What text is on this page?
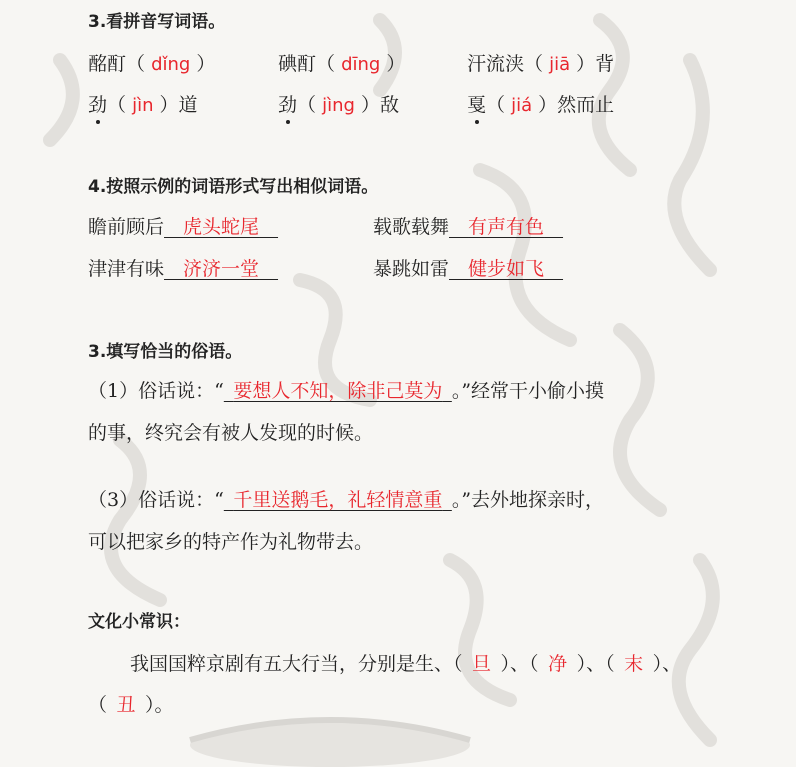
3.看拼音写词语。
酩酊（ dǐng ）	碘酊（ dīng ）	汗流浃（ jiā ）背
劲（ jìn ）道	劲（ jìng ）敌	戛（ jiá ）然而止
4.按照示例的词语形式写出相似词语。
瞻前顾后  虎头蛇尾 	载歌载舞  有声有色 
津津有味  济济一堂 	暴跳如雷  健步如飞 
3.填写恰当的俗语。
（1）俗话说：“  要想人不知，除非己莫为  。”经常干小偷小摸
的事，终究会有被人发现的时候。
（3）俗话说：“  千里送鹅毛，礼轻情意重  。”去外地探亲时，
可以把家乡的特产作为礼物带去。
文化小常识：
我国国粹京剧有五大行当，分别是生、（ 旦 ）、（ 净 ）、（ 末 ）、
（ 丑 ）。
